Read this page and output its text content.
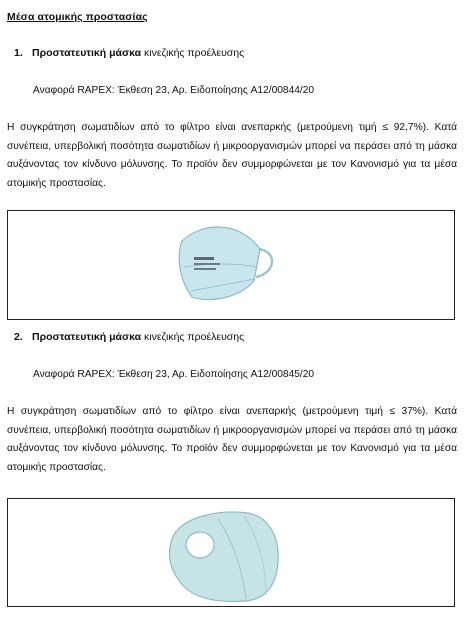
Μέσα ατομικής προστασίας
1. Προστατευτική μάσκα κινεζικής προέλευσης
Αναφορά RAPEX: Έκθεση 23, Αρ. Ειδοποίησης A12/00844/20
Η συγκράτηση σωματιδίων από το φίλτρο είναι ανεπαρκής (μετρούμενη τιμή ≤ 92,7%). Κατά συνέπεια, υπερβολική ποσότητα σωματιδίων ή μικροοργανισμών μπορεί να περάσει από τη μάσκα αυξάνοντας τον κίνδυνο μόλυνσης. Το προϊόν δεν συμμορφώνεται με τον Κανονισμό για τα μέσα ατομικής προστασίας.
2. Προστατευτική μάσκα κινεζικής προέλευσης
Αναφορά RAPEX: Έκθεση 23, Αρ. Ειδοποίησης A12/00845/20
Η συγκράτηση σωματιδίων από το φίλτρο είναι ανεπαρκής (μετρούμενη τιμή ≤ 37%). Κατά συνέπεια, υπερβολική ποσότητα σωματιδίων ή μικροοργανισμών μπορεί να περάσει από τη μάσκα αυξάνοντας τον κίνδυνο μόλυνσης. Το προϊόν δεν συμμορφώνεται με τον Κανονισμό για τα μέσα ατομικής προστασίας.
